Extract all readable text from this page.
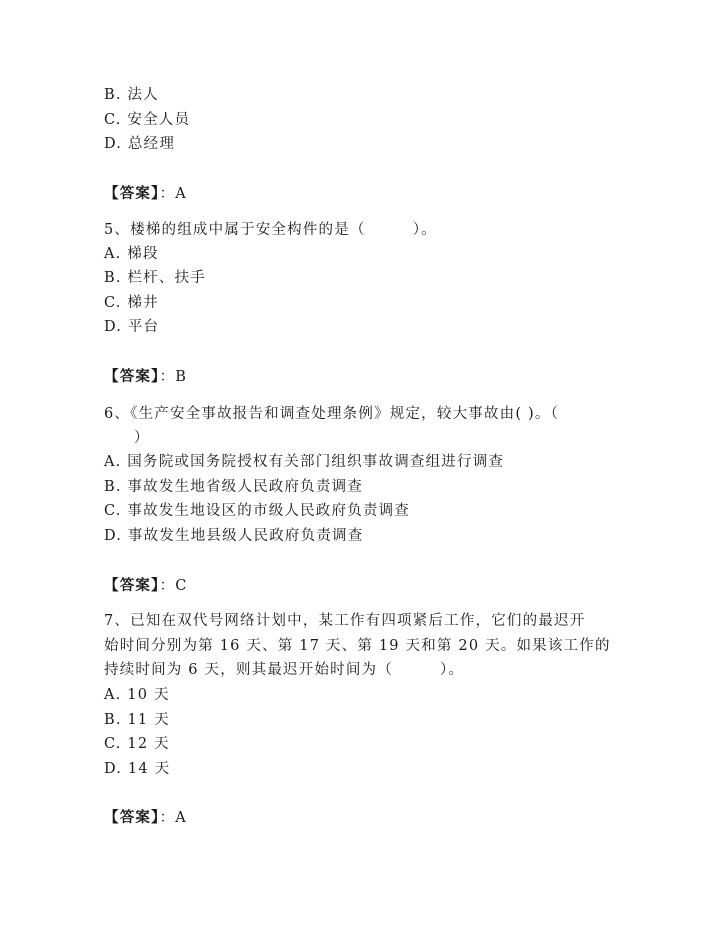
B. 法人
C. 安全人员
D. 总经理
【答案】：A
5、楼梯的组成中属于安全构件的是（　　　）。
A. 梯段
B. 栏杆、扶手
C. 梯井
D. 平台
【答案】：B
6、《生产安全事故报告和调查处理条例》规定，较大事故由( )。（
）
A. 国务院或国务院授权有关部门组织事故调查组进行调查
B. 事故发生地省级人民政府负责调查
C. 事故发生地设区的市级人民政府负责调查
D. 事故发生地县级人民政府负责调查
【答案】：C
7、已知在双代号网络计划中，某工作有四项紧后工作，它们的最迟开
始时间分别为第 16 天、第 17 天、第 19 天和第 20 天。如果该工作的
持续时间为 6 天，则其最迟开始时间为（　　　）。
A. 10 天
B. 11 天
C. 12 天
D. 14 天
【答案】：A
